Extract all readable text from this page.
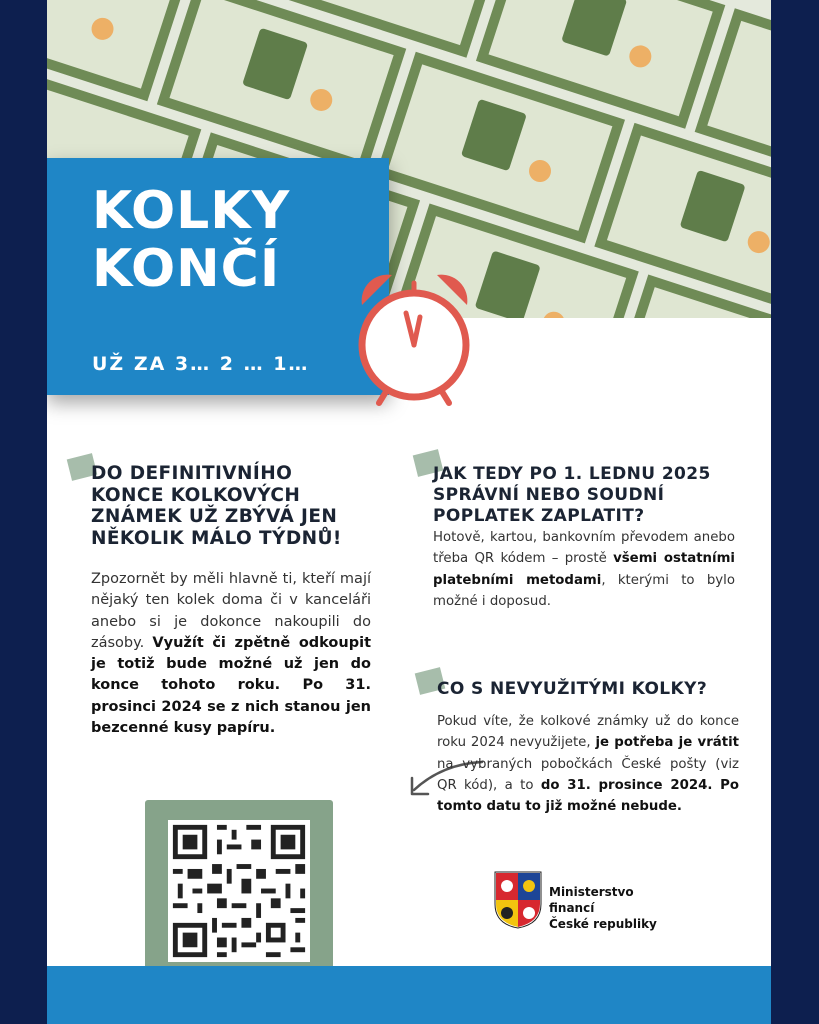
KOLKY
KONČÍ
UŽ ZA 3… 2 … 1…
DO DEFINITIVNÍHO
KONCE KOLKOVÝCH
ZNÁMEK UŽ ZBÝVÁ JEN
NĚKOLIK MÁLO TÝDNŮ!
Zpozornět by měli hlavně ti, kteří mají nějaký ten kolek doma či v kanceláři anebo si je dokonce nakoupili do zásoby. Využít či zpětně odkoupit je totiž bude možné už jen do konce tohoto roku. Po 31. prosinci 2024 se z nich stanou jen bezcenné kusy papíru.
JAK TEDY PO 1. LEDNU 2025
SPRÁVNÍ NEBO SOUDNÍ
POPLATEK ZAPLATIT?
Hotově, kartou, bankovním převodem anebo třeba QR kódem – prostě všemi ostatními platebními metodami, kterými to bylo možné i doposud.
CO S NEVYUŽITÝMI KOLKY?
Pokud víte, že kolkové známky už do konce roku 2024 nevyužijete, je potřeba je vrátit na vybraných pobočkách České pošty (viz QR kód), a to do 31. prosince 2024. Po tomto datu to již možné nebude.
Ministerstvo financí
České republiky
